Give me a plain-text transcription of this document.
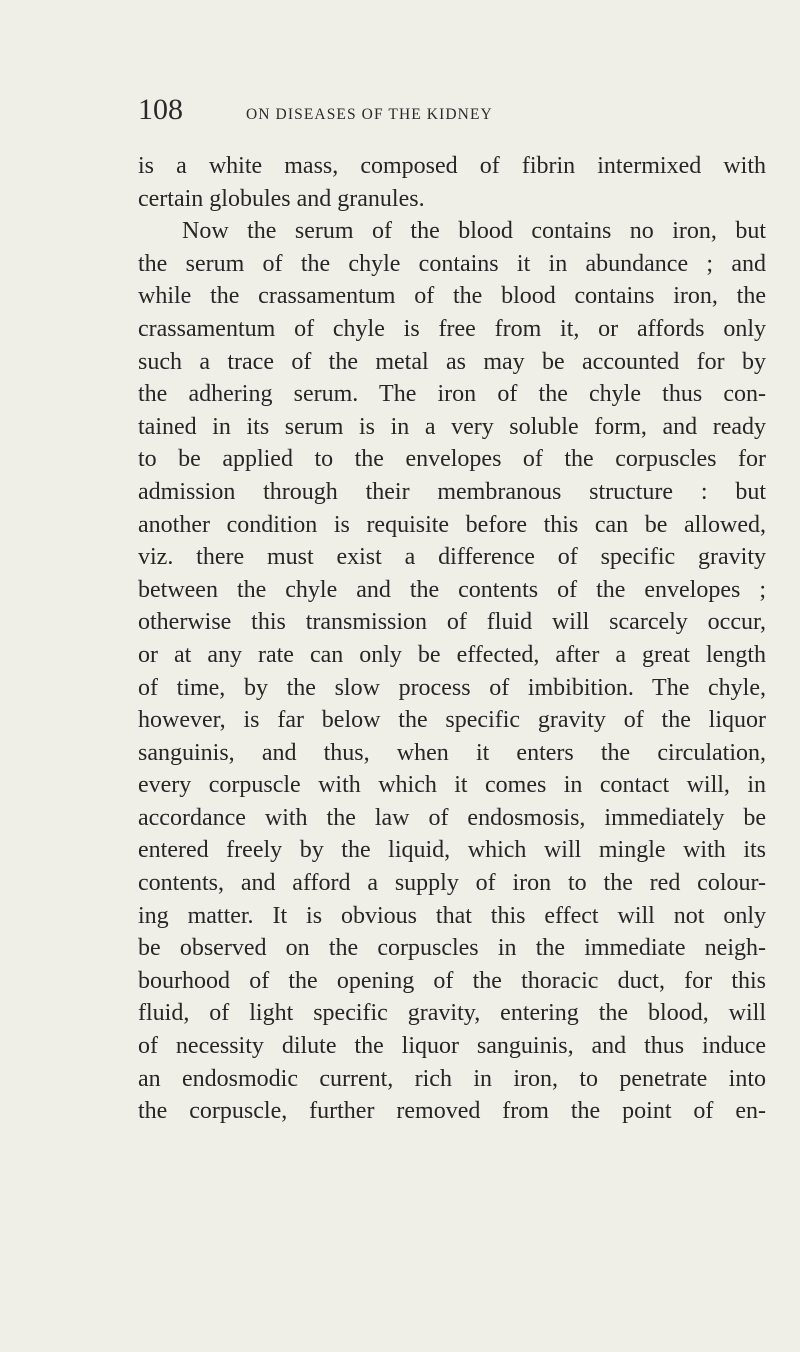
108	ON DISEASES OF THE KIDNEY
is a white mass, composed of fibrin intermixed with
certain globules and granules.
Now the serum of the blood contains no iron, but
the serum of the chyle contains it in abundance ; and
while the crassamentum of the blood contains iron, the
crassamentum of chyle is free from it, or affords only
such a trace of the metal as may be accounted for by
the adhering serum. The iron of the chyle thus con-
tained in its serum is in a very soluble form, and ready
to be applied to the envelopes of the corpuscles for
admission through their membranous structure : but
another condition is requisite before this can be allowed,
viz. there must exist a difference of specific gravity
between the chyle and the contents of the envelopes ;
otherwise this transmission of fluid will scarcely occur,
or at any rate can only be effected, after a great length
of time, by the slow process of imbibition. The chyle,
however, is far below the specific gravity of the liquor
sanguinis, and thus, when it enters the circulation,
every corpuscle with which it comes in contact will, in
accordance with the law of endosmosis, immediately be
entered freely by the liquid, which will mingle with its
contents, and afford a supply of iron to the red colour-
ing matter. It is obvious that this effect will not only
be observed on the corpuscles in the immediate neigh-
bourhood of the opening of the thoracic duct, for this
fluid, of light specific gravity, entering the blood, will
of necessity dilute the liquor sanguinis, and thus induce
an endosmodic current, rich in iron, to penetrate into
the corpuscle, further removed from the point of en-
